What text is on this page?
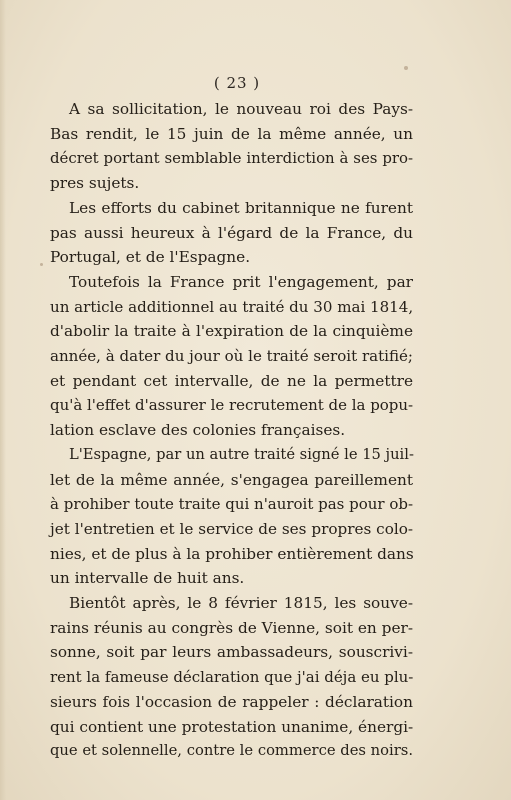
( 23 )
A sa sollicitation, le nouveau roi des Pays-
Bas rendit, le 15 juin de la même année, un
décret portant semblable interdiction à ses pro-
pres sujets.
Les efforts du cabinet britannique ne furent
pas aussi heureux à l'égard de la France, du
Portugal, et de l'Espagne.
Toutefois la France prit l'engagement, par
un article additionnel au traité du 30 mai 1814,
d'abolir la traite à l'expiration de la cinquième
année, à dater du jour où le traité seroit ratifié;
et pendant cet intervalle, de ne la permettre
qu'à l'effet d'assurer le recrutement de la popu-
lation esclave des colonies françaises.
L'Espagne, par un autre traité signé le 15 juil-
let de la même année, s'engagea pareillement
à prohiber toute traite qui n'auroit pas pour ob-
jet l'entretien et le service de ses propres colo-
nies, et de plus à la prohiber entièrement dans
un intervalle de huit ans.
Bientôt après, le 8 février 1815, les souve-
rains réunis au congrès de Vienne, soit en per-
sonne, soit par leurs ambassadeurs, souscrivi-
rent la fameuse déclaration que j'ai déja eu plu-
sieurs fois l'occasion de rappeler : déclaration
qui contient une protestation unanime, énergi-
que et solennelle, contre le commerce des noirs.
